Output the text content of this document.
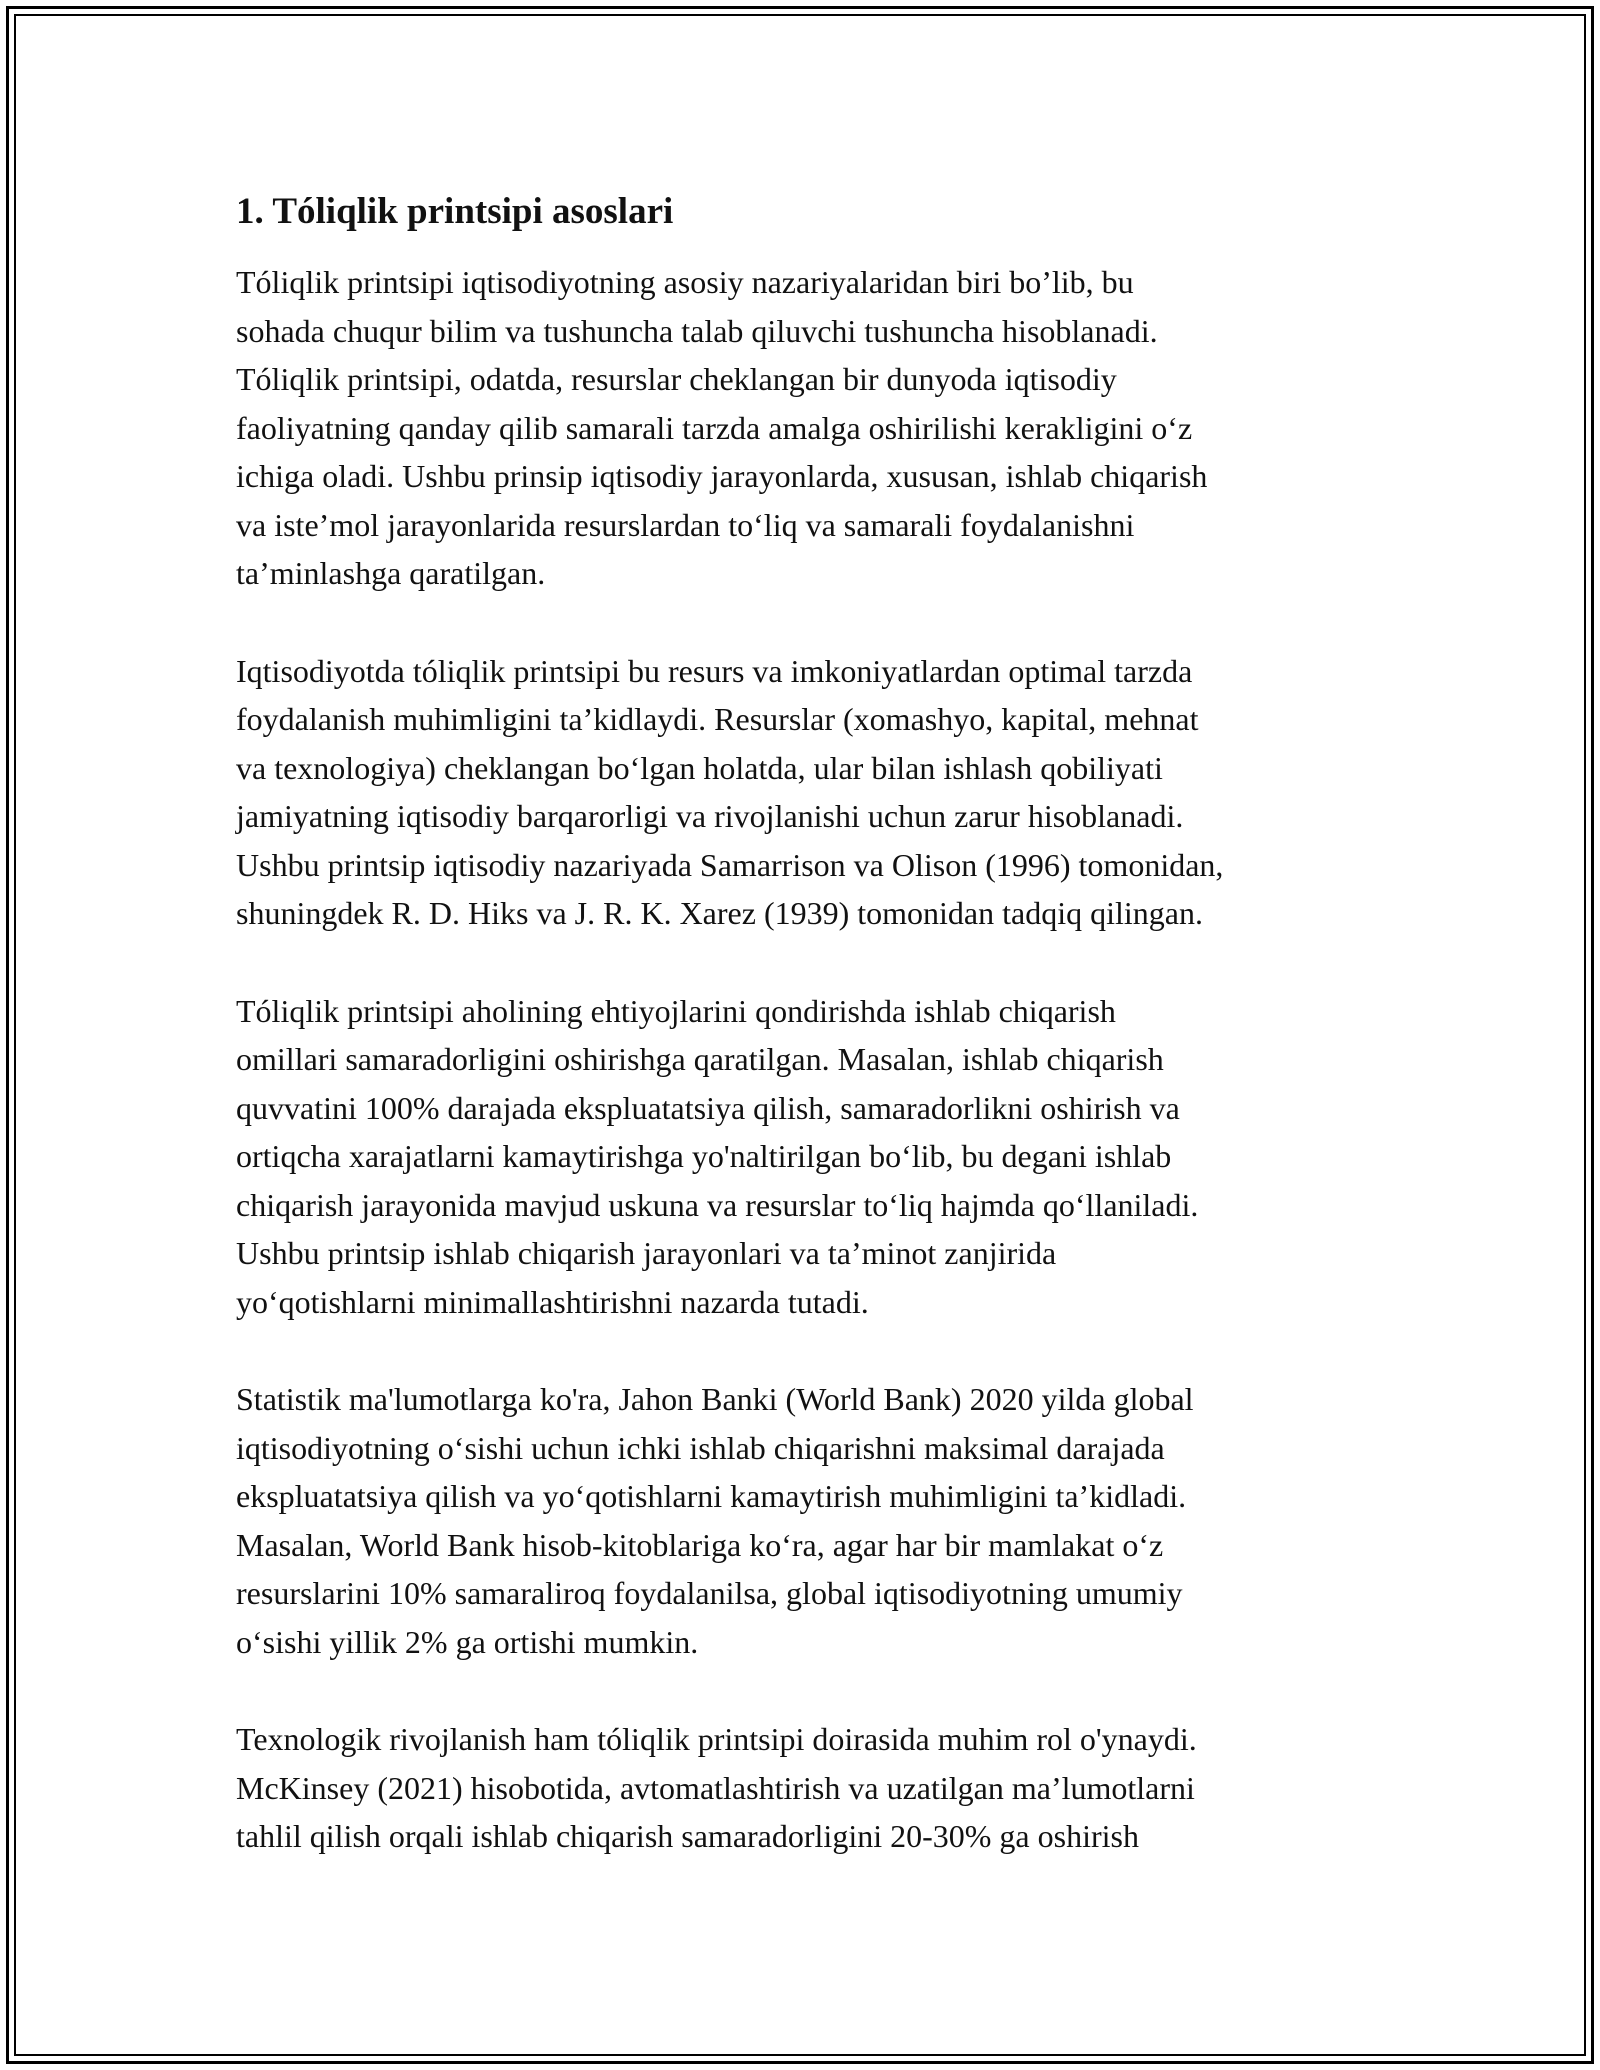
1. Tóliqlik printsipi asoslari

Tóliqlik printsipi iqtisodiyotning asosiy nazariyalaridan biri bo’lib, bu
sohada chuqur bilim va tushuncha talab qiluvchi tushuncha hisoblanadi.
Tóliqlik printsipi, odatda, resurslar cheklangan bir dunyoda iqtisodiy
faoliyatning qanday qilib samarali tarzda amalga oshirilishi kerakligini o‘z
ichiga oladi. Ushbu prinsip iqtisodiy jarayonlarda, xususan, ishlab chiqarish
va iste’mol jarayonlarida resurslardan to‘liq va samarali foydalanishni
ta’minlashga qaratilgan.

Iqtisodiyotda tóliqlik printsipi bu resurs va imkoniyatlardan optimal tarzda
foydalanish muhimligini ta’kidlaydi. Resurslar (xomashyo, kapital, mehnat
va texnologiya) cheklangan bo‘lgan holatda, ular bilan ishlash qobiliyati
jamiyatning iqtisodiy barqarorligi va rivojlanishi uchun zarur hisoblanadi.
Ushbu printsip iqtisodiy nazariyada Samarrison va Olison (1996) tomonidan,
shuningdek R. D. Hiks va J. R. K. Xarez (1939) tomonidan tadqiq qilingan.

Tóliqlik printsipi aholining ehtiyojlarini qondirishda ishlab chiqarish
omillari samaradorligini oshirishga qaratilgan. Masalan, ishlab chiqarish
quvvatini 100% darajada ekspluatatsiya qilish, samaradorlikni oshirish va
ortiqcha xarajatlarni kamaytirishga yo'naltirilgan bo‘lib, bu degani ishlab
chiqarish jarayonida mavjud uskuna va resurslar to‘liq hajmda qo‘llaniladi.
Ushbu printsip ishlab chiqarish jarayonlari va ta’minot zanjirida
yo‘qotishlarni minimallashtirishni nazarda tutadi.

Statistik ma'lumotlarga ko'ra, Jahon Banki (World Bank) 2020 yilda global
iqtisodiyotning o‘sishi uchun ichki ishlab chiqarishni maksimal darajada
ekspluatatsiya qilish va yo‘qotishlarni kamaytirish muhimligini ta’kidladi.
Masalan, World Bank hisob-kitoblariga ko‘ra, agar har bir mamlakat o‘z
resurslarini 10% samaraliroq foydalanilsa, global iqtisodiyotning umumiy
o‘sishi yillik 2% ga ortishi mumkin.

Texnologik rivojlanish ham tóliqlik printsipi doirasida muhim rol o'ynaydi.
McKinsey (2021) hisobotida, avtomatlashtirish va uzatilgan ma’lumotlarni
tahlil qilish orqali ishlab chiqarish samaradorligini 20-30% ga oshirish
